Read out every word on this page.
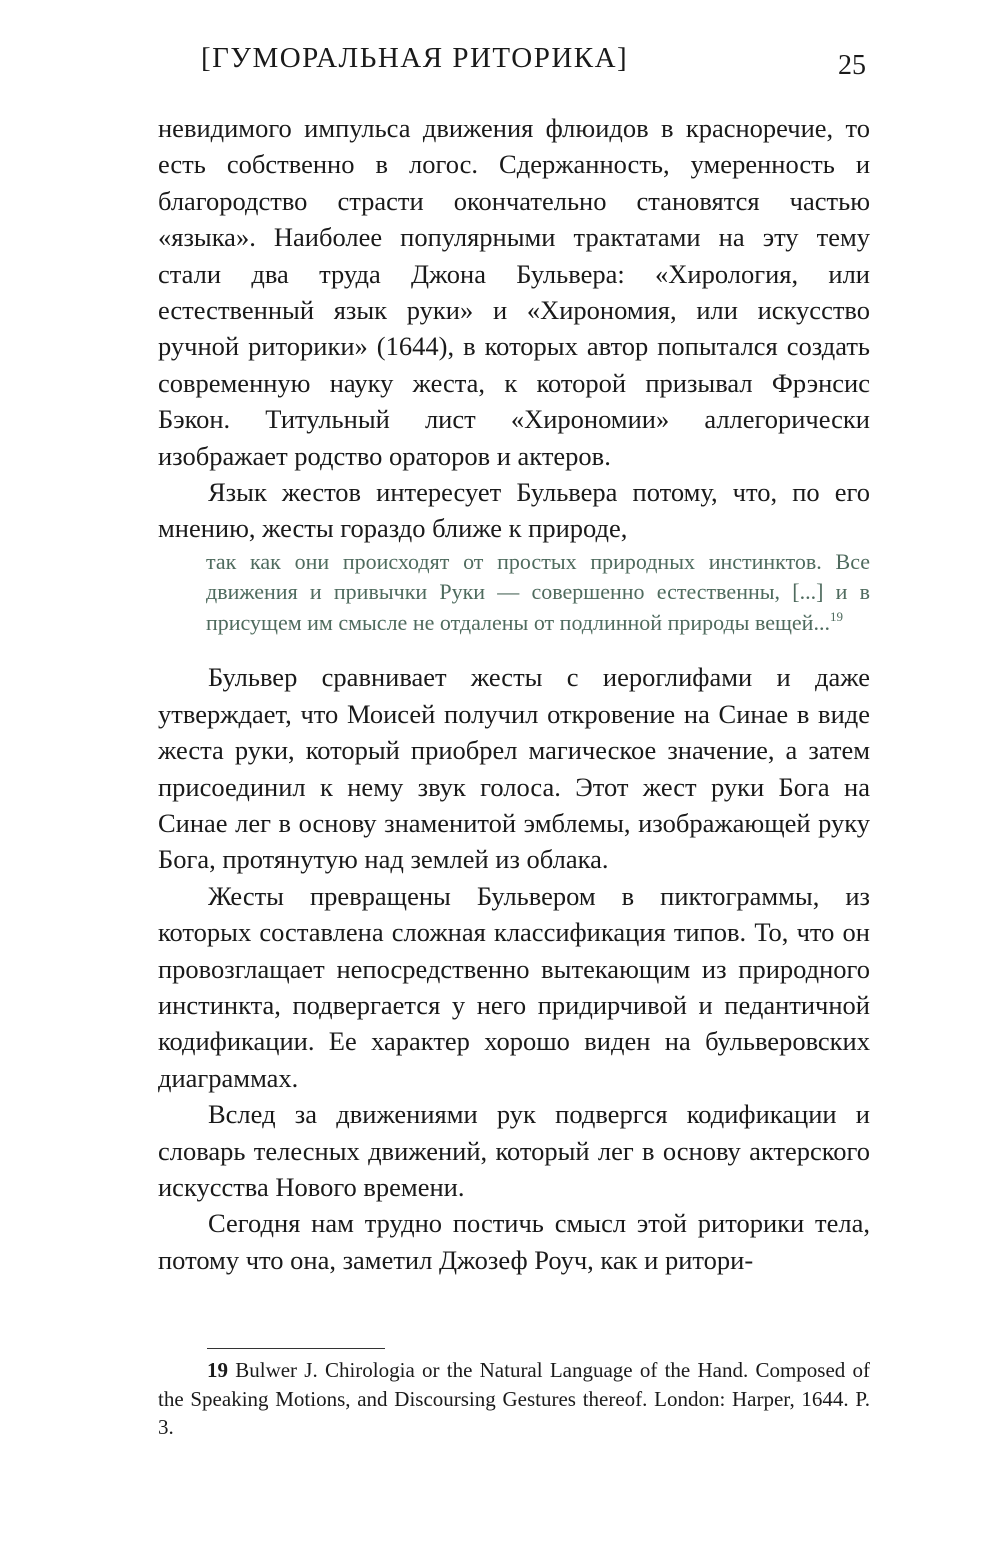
[ГУМОРАЛЬНАЯ РИТОРИКА]	25

невидимого импульса движения флюидов в красноречие, то есть собственно в логос. Сдержанность, умеренность и благородство страсти окончательно становятся частью «языка». Наиболее популярными трактатами на эту тему стали два труда Джона Бульвера: «Хирология, или естественный язык руки» и «Хирономия, или искусство ручной риторики» (1644), в которых автор попытался создать современную науку жеста, к которой призывал Фрэнсис Бэкон. Титульный лист «Хирономии» аллегорически изображает родство ораторов и актеров.

Язык жестов интересует Бульвера потому, что, по его мнению, жесты гораздо ближе к природе,

так как они происходят от простых природных инстинктов. Все движения и привычки Руки — совершенно естественны, [...] и в присущем им смысле не отдалены от подлинной природы вещей...$^{19}$

Бульвер сравнивает жесты с иероглифами и даже утверждает, что Моисей получил откровение на Синае в виде жеста руки, который приобрел магическое значение, а затем присоединил к нему звук голоса. Этот жест руки Бога на Синае лег в основу знаменитой эмблемы, изображающей руку Бога, протянутую над землей из облака.

Жесты превращены Бульвером в пиктограммы, из которых составлена сложная классификация типов. То, что он провозглащает непосредственно вытекающим из природного инстинкта, подвергается у него придирчивой и педантичной кодификации. Ее характер хорошо виден на бульверовских диаграммах.

Вслед за движениями рук подвергся кодификации и словарь телесных движений, который лег в основу актерского искусства Нового времени.

Сегодня нам трудно постичь смысл этой риторики тела, потому что она, заметил Джозеф Роуч, как и ритори-

19 Bulwer J. Chirologia or the Natural Language of the Hand. Composed of the Speaking Motions, and Discoursing Gestures thereof. London: Harper, 1644. P. 3.
